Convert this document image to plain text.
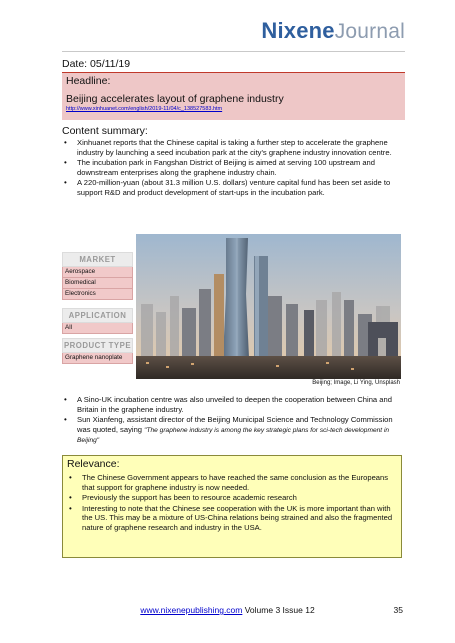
NixeneJournal
Date: 05/11/19
Headline:
Beijing accelerates layout of graphene industry
http://www.xinhuanet.com/english/2019-11/04/c_138527583.htm
Content summary:
• Xinhuanet reports that the Chinese capital is taking a further step to accelerate the graphene industry by launching a seed incubation park at the city's graphene industry innovation centre.
• The incubation park in Fangshan District of Beijing is aimed at serving 100 upstream and downstream enterprises along the graphene industry chain.
• A 220-million-yuan (about 31.3 million U.S. dollars) venture capital fund has been set aside to support R&D and product development of start-ups in the incubation park.
Beijing; Image, Li Ying, Unsplash
MARKET
Aerospace
Biomedical
Electronics
APPLICATION
All
PRODUCT TYPE
Graphene nanoplate
• A Sino-UK incubation centre was also unveiled to deepen the cooperation between China and Britain in the graphene industry.
• Sun Xianfeng, assistant director of the Beijing Municipal Science and Technology Commission was quoted, saying "The graphene industry is among the key strategic plans for sci-tech development in Beijing"
Relevance:
• The Chinese Government appears to have reached the same conclusion as the Europeans that support for graphene industry is now needed.
• Previously the support has been to resource academic research
• Interesting to note that the Chinese see cooperation with the UK is more important than with the US. This may be a mixture of US-China relations being strained and also the fragmented nature of graphene research and industry in the USA.
www.nixenepublishing.com Volume 3 Issue 12	35
